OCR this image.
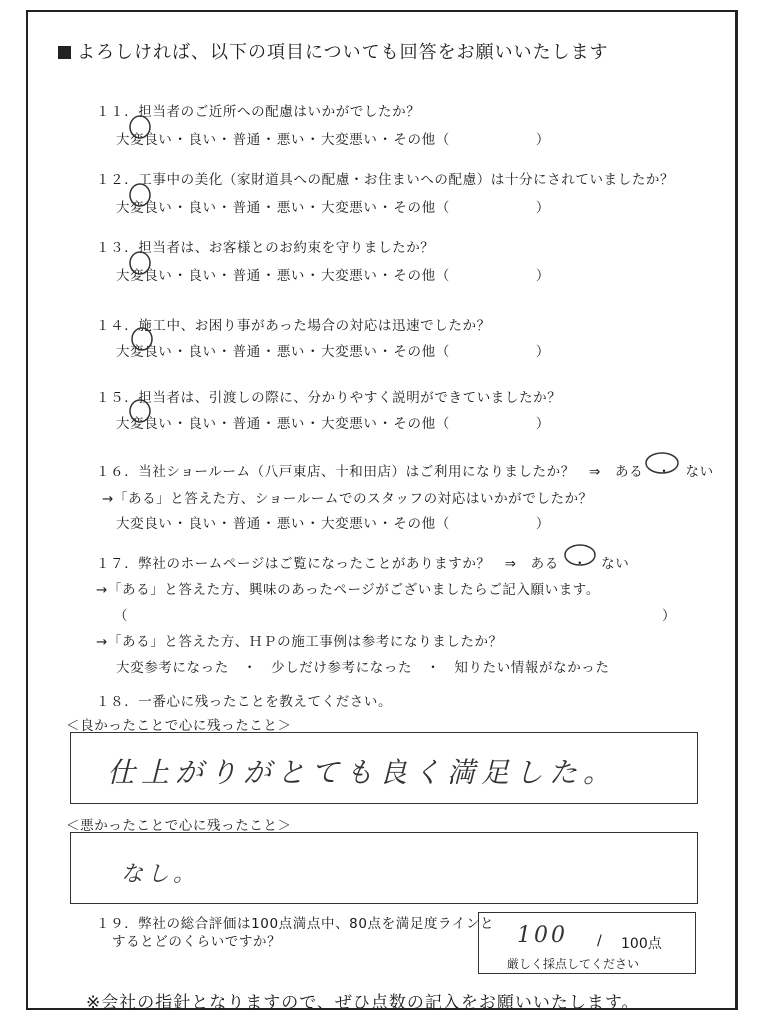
よろしければ、以下の項目についても回答をお願いいたします
１１．担当者のご近所への配慮はいかがでしたか？
大変良い・良い・普通・悪い・大変悪い・その他（	）
１２．工事中の美化（家財道具への配慮・お住まいへの配慮）は十分にされていましたか？
大変良い・良い・普通・悪い・大変悪い・その他（	）
１３．担当者は、お客様とのお約束を守りましたか？
大変良い・良い・普通・悪い・大変悪い・その他（	）
１４．施工中、お困り事があった場合の対応は迅速でしたか？
大変良い・良い・普通・悪い・大変悪い・その他（	）
１５．担当者は、引渡しの際に、分かりやすく説明ができていましたか？
大変良い・良い・普通・悪い・大変悪い・その他（	）
１６．当社ショールーム（八戸東店、十和田店）はご利用になりましたか？　⇒　ある　・　ない
→「ある」と答えた方、ショールームでのスタッフの対応はいかがでしたか？
大変良い・良い・普通・悪い・大変悪い・その他（	）
１７．弊社のホームページはご覧になったことがありますか？　⇒　ある　・　ない
→「ある」と答えた方、興味のあったページがございましたらご記入願います。
（	）
→「ある」と答えた方、ＨＰの施工事例は参考になりましたか？
大変参考になった　・　少しだけ参考になった　・　知りたい情報がなかった
１８．一番心に残ったことを教えてください。
＜良かったことで心に残ったこと＞
仕上がりがとても良く満足した。
＜悪かったことで心に残ったこと＞
なし。
１９．弊社の総合評価は100点満点中、80点を満足度ラインと
するとどのくらいですか？	100 / 100点
厳しく採点してください
※会社の指針となりますので、ぜひ点数の記入をお願いいたします。
